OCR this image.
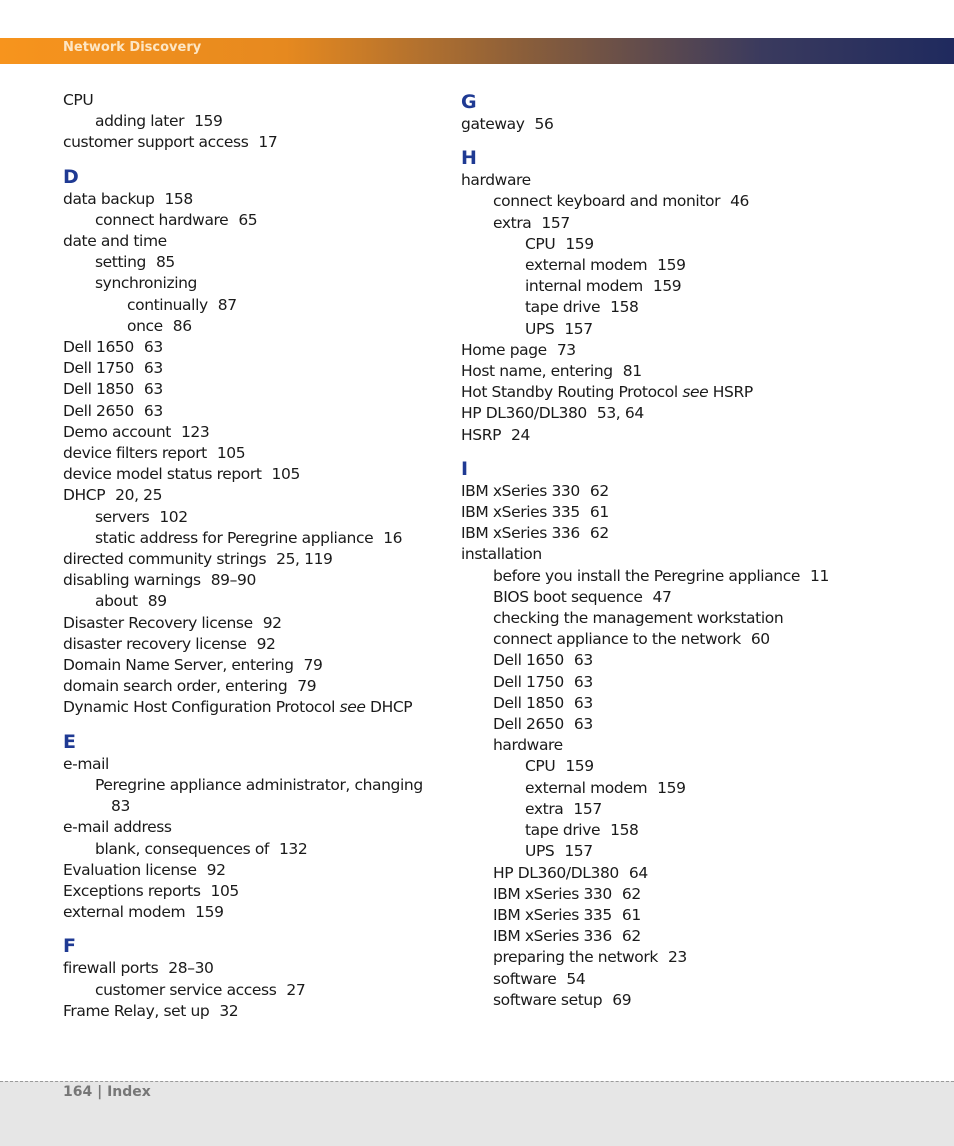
Network Discovery
CPU
adding later 159
customer support access 17
D
data backup 158
connect hardware 65
date and time
setting 85
synchronizing
continually 87
once 86
Dell 1650 63
Dell 1750 63
Dell 1850 63
Dell 2650 63
Demo account 123
device filters report 105
device model status report 105
DHCP 20, 25
servers 102
static address for Peregrine appliance 16
directed community strings 25, 119
disabling warnings 89–90
about 89
Disaster Recovery license 92
disaster recovery license 92
Domain Name Server, entering 79
domain search order, entering 79
Dynamic Host Configuration Protocol see DHCP
E
e-mail
Peregrine appliance administrator, changing
83
e-mail address
blank, consequences of 132
Evaluation license 92
Exceptions reports 105
external modem 159
F
firewall ports 28–30
customer service access 27
Frame Relay, set up 32
G
gateway 56
H
hardware
connect keyboard and monitor 46
extra 157
CPU 159
external modem 159
internal modem 159
tape drive 158
UPS 157
Home page 73
Host name, entering 81
Hot Standby Routing Protocol see HSRP
HP DL360/DL380 53, 64
HSRP 24
I
IBM xSeries 330 62
IBM xSeries 335 61
IBM xSeries 336 62
installation
before you install the Peregrine appliance 11
BIOS boot sequence 47
checking the management workstation
connect appliance to the network 60
Dell 1650 63
Dell 1750 63
Dell 1850 63
Dell 2650 63
hardware
CPU 159
external modem 159
extra 157
tape drive 158
UPS 157
HP DL360/DL380 64
IBM xSeries 330 62
IBM xSeries 335 61
IBM xSeries 336 62
preparing the network 23
software 54
software setup 69
164 | Index
